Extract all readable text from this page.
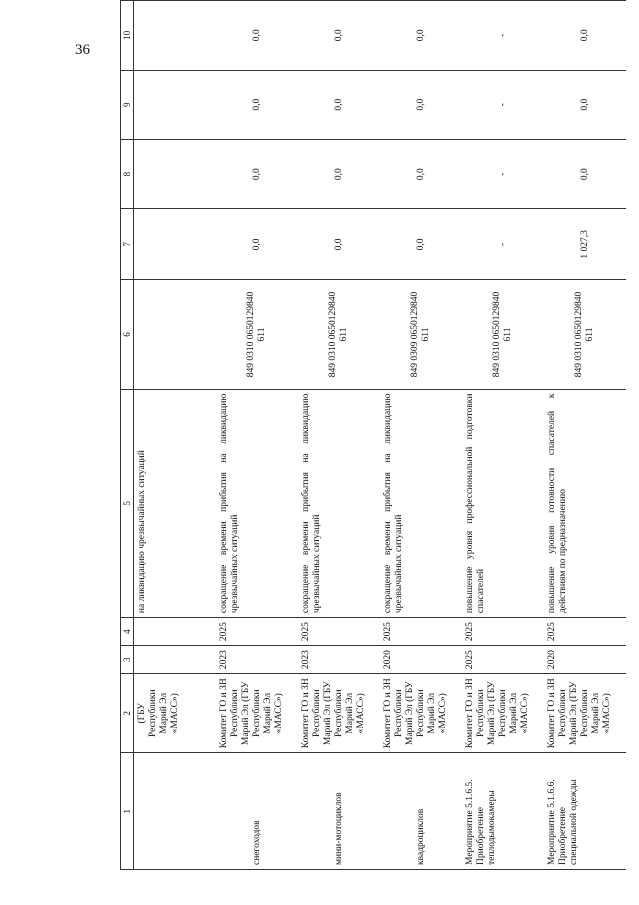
36
1	2	3	4	5	6	7	8	9	10
	(ГБУ Республики Марий Эл «МАСС»)			на ликвидацию чрезвычайных ситуаций					
снегоходов	Комитет ГО и ЗН Республики Марий Эл (ГБУ Республики Марий Эл «МАСС»)	2023	2025	сокращение времени прибытия на ликвидацию чрезвычайных ситуаций	849 0310 0650129840 611	0,0	0,0	0,0	0,0
мини-мотоциклов	Комитет ГО и ЗН Республики Марий Эл (ГБУ Республики Марий Эл «МАСС»)	2023	2025	сокращение времени прибытия на ликвидацию чрезвычайных ситуаций	849 0310 0650129840 611	0,0	0,0	0,0	0,0
квадроциклов	Комитет ГО и ЗН Республики Марий Эл (ГБУ Республики Марий Эл «МАСС»)	2020	2025	сокращение времени прибытия на ликвидацию чрезвычайных ситуаций	849 0309 0650129840 611	0,0	0,0	0,0	0,0
Мероприятие 5.1.6.5. Приобретение теплодымокамеры	Комитет ГО и ЗН Республики Марий Эл (ГБУ Республики Марий Эл «МАСС»)	2025	2025	повышение уровня профессиональной подготовки спасателей	849 0310 0650129840 611	-	-	-	-
Мероприятие 5.1.6.6. Приобретение специальной одежды	Комитет ГО и ЗН Республики Марий Эл (ГБУ Республики Марий Эл «МАСС»)	2020	2025	повышение уровня готовности спасателей к действиям по предназначению	849 0310 0650129840 611	1 027,3	0,0	0,0	0,0
